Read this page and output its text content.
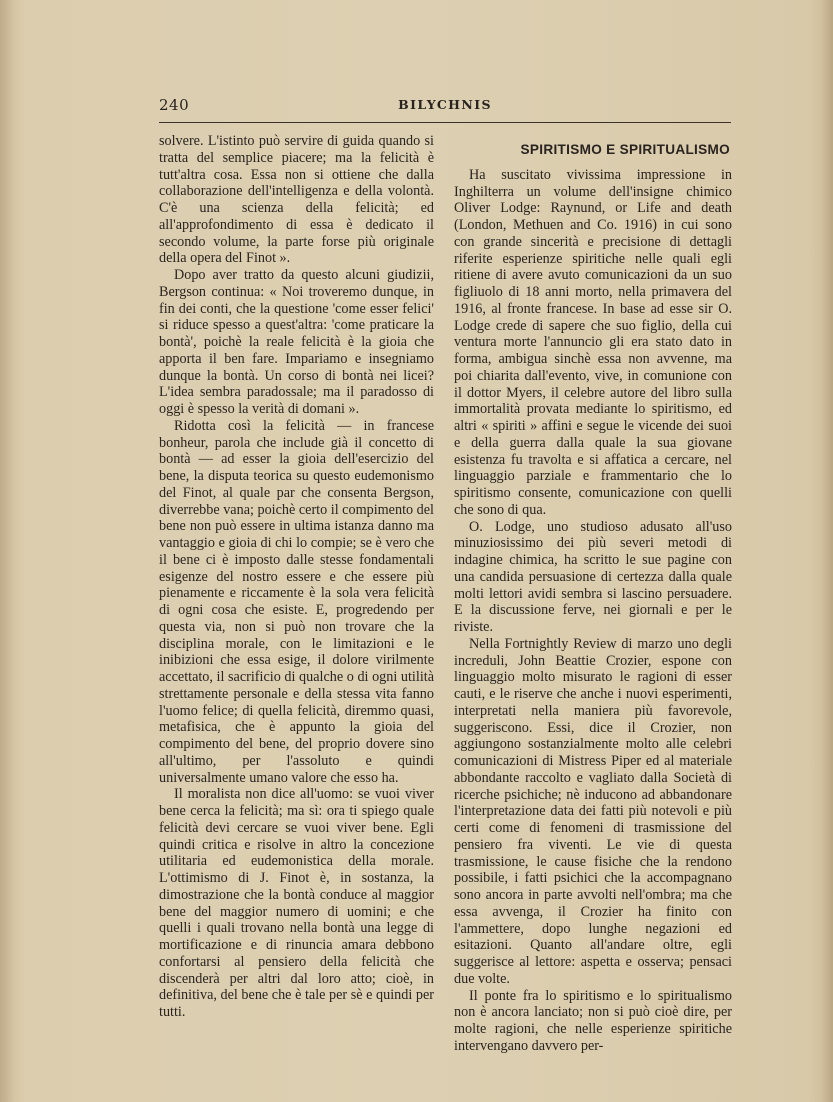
240	BILYCHNIS

solvere. L'istinto può servire di guida quando si tratta del semplice piacere; ma la felicità è tutt'altra cosa. Essa non si ottiene che dalla collaborazione dell'intelligenza e della volontà. C'è una scienza della felicità; ed all'approfondimento di essa è dedicato il secondo volume, la parte forse più originale della opera del Finot ».

Dopo aver tratto da questo alcuni giudizii, Bergson continua: « Noi troveremo dunque, in fin dei conti, che la questione 'come esser felici' si riduce spesso a quest'altra: 'come praticare la bontà', poichè la reale felicità è la gioia che apporta il ben fare. Impariamo e insegniamo dunque la bontà. Un corso di bontà nei licei? L'idea sembra paradossale; ma il paradosso di oggi è spesso la verità di domani ».

Ridotta così la felicità — in francese bonheur, parola che include già il concetto di bontà — ad esser la gioia dell'esercizio del bene, la disputa teorica su questo eudemonismo del Finot, al quale par che consenta Bergson, diverrebbe vana; poichè certo il compimento del bene non può essere in ultima istanza danno ma vantaggio e gioia di chi lo compie; se è vero che il bene ci è imposto dalle stesse fondamentali esigenze del nostro essere e che essere più pienamente e riccamente è la sola vera felicità di ogni cosa che esiste. E, progredendo per questa via, non si può non trovare che la disciplina morale, con le limitazioni e le inibizioni che essa esige, il dolore virilmente accettato, il sacrificio di qualche o di ogni utilità strettamente personale e della stessa vita fanno l'uomo felice; di quella felicità, diremmo quasi, metafisica, che è appunto la gioia del compimento del bene, del proprio dovere sino all'ultimo, per l'assoluto e quindi universalmente umano valore che esso ha.

Il moralista non dice all'uomo: se vuoi viver bene cerca la felicità; ma sì: ora ti spiego quale felicità devi cercare se vuoi viver bene. Egli quindi critica e risolve in altro la concezione utilitaria ed eudemonistica della morale. L'ottimismo di J. Finot è, in sostanza, la dimostrazione che la bontà conduce al maggior bene del maggior numero di uomini; e che quelli i quali trovano nella bontà una legge di mortificazione e di rinuncia amara debbono confortarsi al pensiero della felicità che discenderà per altri dal loro atto; cioè, in definitiva, del bene che è tale per sè e quindi per tutti.

SPIRITISMO E SPIRITUALISMO

Ha suscitato vivissima impressione in Inghilterra un volume dell'insigne chimico Oliver Lodge: Raynund, or Life and death (London, Methuen and Co. 1916) in cui sono con grande sincerità e precisione di dettagli riferite esperienze spiritiche nelle quali egli ritiene di avere avuto comunicazioni da un suo figliuolo di 18 anni morto, nella primavera del 1916, al fronte francese. In base ad esse sir O. Lodge crede di sapere che suo figlio, della cui ventura morte l'annuncio gli era stato dato in forma, ambigua sinchè essa non avvenne, ma poi chiarita dall'evento, vive, in comunione con il dottor Myers, il celebre autore del libro sulla immortalità provata mediante lo spiritismo, ed altri « spiriti » affini e segue le vicende dei suoi e della guerra dalla quale la sua giovane esistenza fu travolta e si affatica a cercare, nel linguaggio parziale e frammentario che lo spiritismo consente, comunicazione con quelli che sono di qua.

O. Lodge, uno studioso adusato all'uso minuziosissimo dei più severi metodi di indagine chimica, ha scritto le sue pagine con una candida persuasione di certezza dalla quale molti lettori avidi sembra si lascino persuadere. E la discussione ferve, nei giornali e per le riviste.

Nella Fortnightly Review di marzo uno degli increduli, John Beattie Crozier, espone con linguaggio molto misurato le ragioni di esser cauti, e le riserve che anche i nuovi esperimenti, interpretati nella maniera più favorevole, suggeriscono. Essi, dice il Crozier, non aggiungono sostanzialmente molto alle celebri comunicazioni di Mistress Piper ed al materiale abbondante raccolto e vagliato dalla Società di ricerche psichiche; nè inducono ad abbandonare l'interpretazione data dei fatti più notevoli e più certi come di fenomeni di trasmissione del pensiero fra viventi. Le vie di questa trasmissione, le cause fisiche che la rendono possibile, i fatti psichici che la accompagnano sono ancora in parte avvolti nell'ombra; ma che essa avvenga, il Crozier ha finito con l'ammettere, dopo lunghe negazioni ed esitazioni. Quanto all'andare oltre, egli suggerisce al lettore: aspetta e osserva; pensaci due volte.

Il ponte fra lo spiritismo e lo spiritualismo non è ancora lanciato; non si può cioè dire, per molte ragioni, che nelle esperienze spiritiche intervengano davvero per-
